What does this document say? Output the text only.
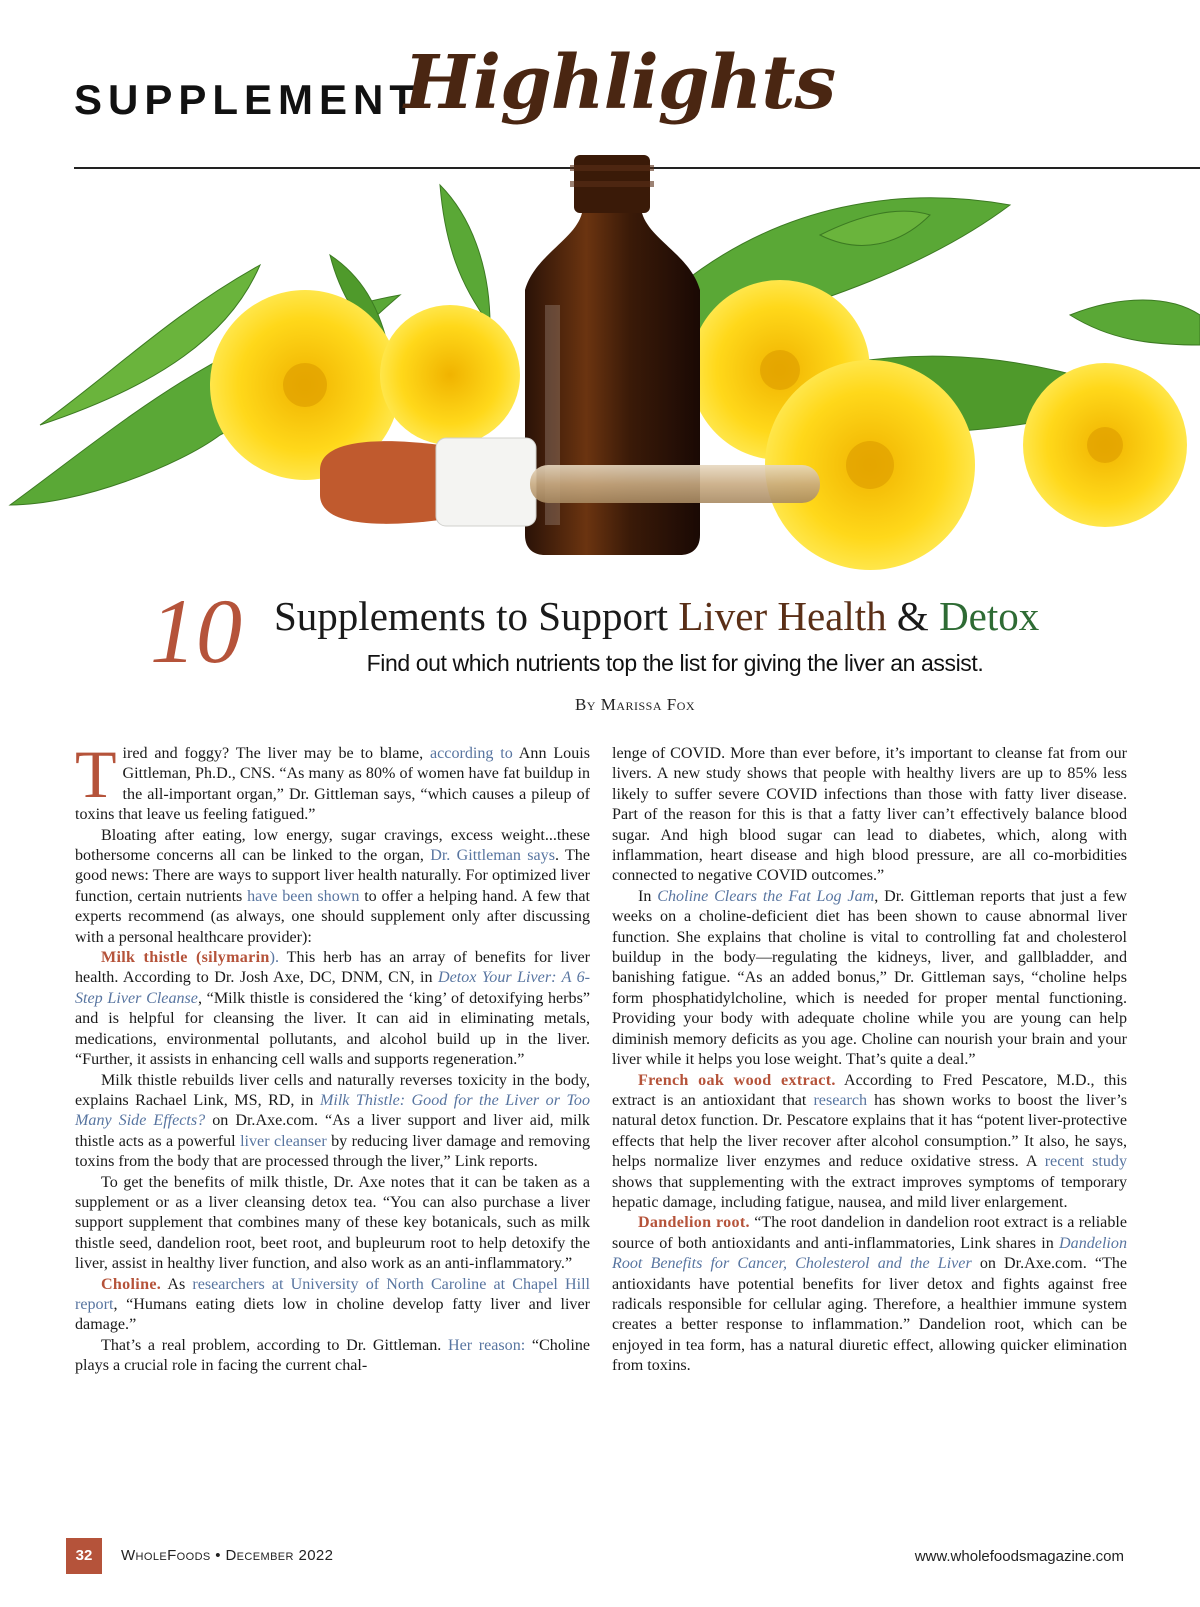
SUPPLEMENT
Highlights
10 Supplements to Support Liver Health & Detox
Find out which nutrients top the list for giving the liver an assist.
By Marissa Fox

Tired and foggy? The liver may be to blame, according to Ann Louis Gittleman, Ph.D., CNS. “As many as 80% of women have fat buildup in the all-important organ,” Dr. Gittleman says, “which causes a pileup of toxins that leave us feeling fatigued.”

Bloating after eating, low energy, sugar cravings, excess weight...these bothersome concerns all can be linked to the organ, Dr. Gittleman says. The good news: There are ways to support liver health naturally. For optimized liver function, certain nutrients have been shown to offer a helping hand. A few that experts recommend (as always, one should supplement only after discussing with a personal healthcare provider):

Milk thistle (silymarin). This herb has an array of benefits for liver health. According to Dr. Josh Axe, DC, DNM, CN, in Detox Your Liver: A 6-Step Liver Cleanse, “Milk thistle is considered the ‘king’ of detoxifying herbs” and is helpful for cleansing the liver. It can aid in eliminating metals, medications, environmental pollutants, and alcohol build up in the liver. “Further, it assists in enhancing cell walls and supports regeneration.”

Milk thistle rebuilds liver cells and naturally reverses toxicity in the body, explains Rachael Link, MS, RD, in Milk Thistle: Good for the Liver or Too Many Side Effects? on Dr.Axe.com. “As a liver support and liver aid, milk thistle acts as a powerful liver cleanser by reducing liver damage and removing toxins from the body that are processed through the liver,” Link reports.

To get the benefits of milk thistle, Dr. Axe notes that it can be taken as a supplement or as a liver cleansing detox tea. “You can also purchase a liver support supplement that combines many of these key botanicals, such as milk thistle seed, dandelion root, beet root, and bupleurum root to help detoxify the liver, assist in healthy liver function, and also work as an anti-inflammatory.”

Choline. As researchers at University of North Caroline at Chapel Hill report, “Humans eating diets low in choline develop fatty liver and liver damage.”

That’s a real problem, according to Dr. Gittleman. Her reason: “Choline plays a crucial role in facing the current chal-

lenge of COVID. More than ever before, it’s important to cleanse fat from our livers. A new study shows that people with healthy livers are up to 85% less likely to suffer severe COVID infections than those with fatty liver disease. Part of the reason for this is that a fatty liver can’t effectively balance blood sugar. And high blood sugar can lead to diabetes, which, along with inflammation, heart disease and high blood pressure, are all co-morbidities connected to negative COVID outcomes.”

In Choline Clears the Fat Log Jam, Dr. Gittleman reports that just a few weeks on a choline-deficient diet has been shown to cause abnormal liver function. She explains that choline is vital to controlling fat and cholesterol buildup in the body—regulating the kidneys, liver, and gallbladder, and banishing fatigue. “As an added bonus,” Dr. Gittleman says, “choline helps form phosphatidylcholine, which is needed for proper mental functioning. Providing your body with adequate choline while you are young can help diminish memory deficits as you age. Choline can nourish your brain and your liver while it helps you lose weight. That’s quite a deal.”

French oak wood extract. According to Fred Pescatore, M.D., this extract is an antioxidant that research has shown works to boost the liver’s natural detox function. Dr. Pescatore explains that it has “potent liver-protective effects that help the liver recover after alcohol consumption.” It also, he says, helps normalize liver enzymes and reduce oxidative stress. A recent study shows that supplementing with the extract improves symptoms of temporary hepatic damage, including fatigue, nausea, and mild liver enlargement.

Dandelion root. “The root dandelion in dandelion root extract is a reliable source of both antioxidants and anti-inflammatories, Link shares in Dandelion Root Benefits for Cancer, Cholesterol and the Liver on Dr.Axe.com. “The antioxidants have potential benefits for liver detox and fights against free radicals responsible for cellular aging. Therefore, a healthier immune system creates a better response to inflammation.” Dandelion root, which can be enjoyed in tea form, has a natural diuretic effect, allowing quicker elimination from toxins.

32	WholeFoods • December 2022	www.wholefoodsmagazine.com
